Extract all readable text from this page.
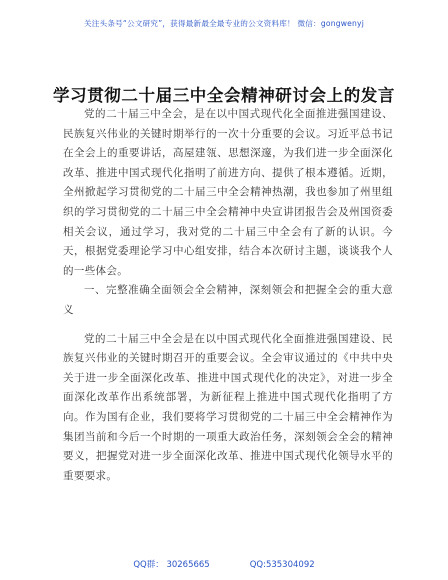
关注头条号“公文研究”，获得最新最全最专业的公文资料库！ 微信：gongwenyj
学习贯彻二十届三中全会精神研讨会上的发言

党的二十届三中全会，是在以中国式现代化全面推进强国建设、民族复兴伟业的关键时期举行的一次十分重要的会议。习近平总书记在全会上的重要讲话，高屋建瓴、思想深邃，为我们进一步全面深化改革、推进中国式现代化指明了前进方向、提供了根本遵循。近期，全州掀起学习贯彻党的二十届三中全会精神热潮，我也参加了州里组织的学习贯彻党的二十届三中全会精神中央宣讲团报告会及州国资委相关会议，通过学习，我对党的二十届三中全会有了新的认识。今天，根据党委理论学习中心组安排，结合本次研讨主题，谈谈我个人的一些体会。

一、完整准确全面领会全会精神，深刻领会和把握全会的重大意义

党的二十届三中全会是在以中国式现代化全面推进强国建设、民族复兴伟业的关键时期召开的重要会议。全会审议通过的《中共中央关于进一步全面深化改革、推进中国式现代化的决定》，对进一步全面深化改革作出系统部署，为新征程上推进中国式现代化指明了方向。作为国有企业，我们要将学习贯彻党的二十届三中全会精神作为集团当前和今后一个时期的一项重大政治任务，深刻领会全会的精神要义，把握党对进一步全面深化改革、推进中国式现代化领导水平的重要要求。

QQ群： 30265665	QQ:535304092
